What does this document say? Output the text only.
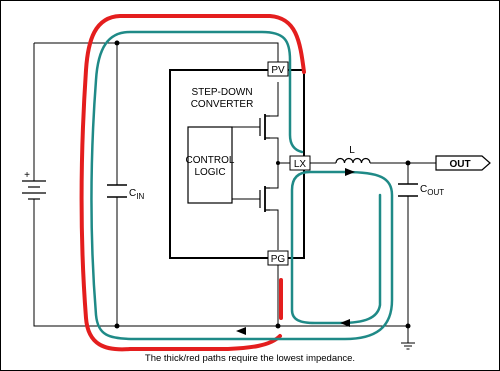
STEP-DOWN
CONVERTER
CONTROL
LOGIC
PV
LX
PG
+
$C_{IN}$
$C_{OUT}$
L
OUT
The thick/red paths require the lowest impedance.
